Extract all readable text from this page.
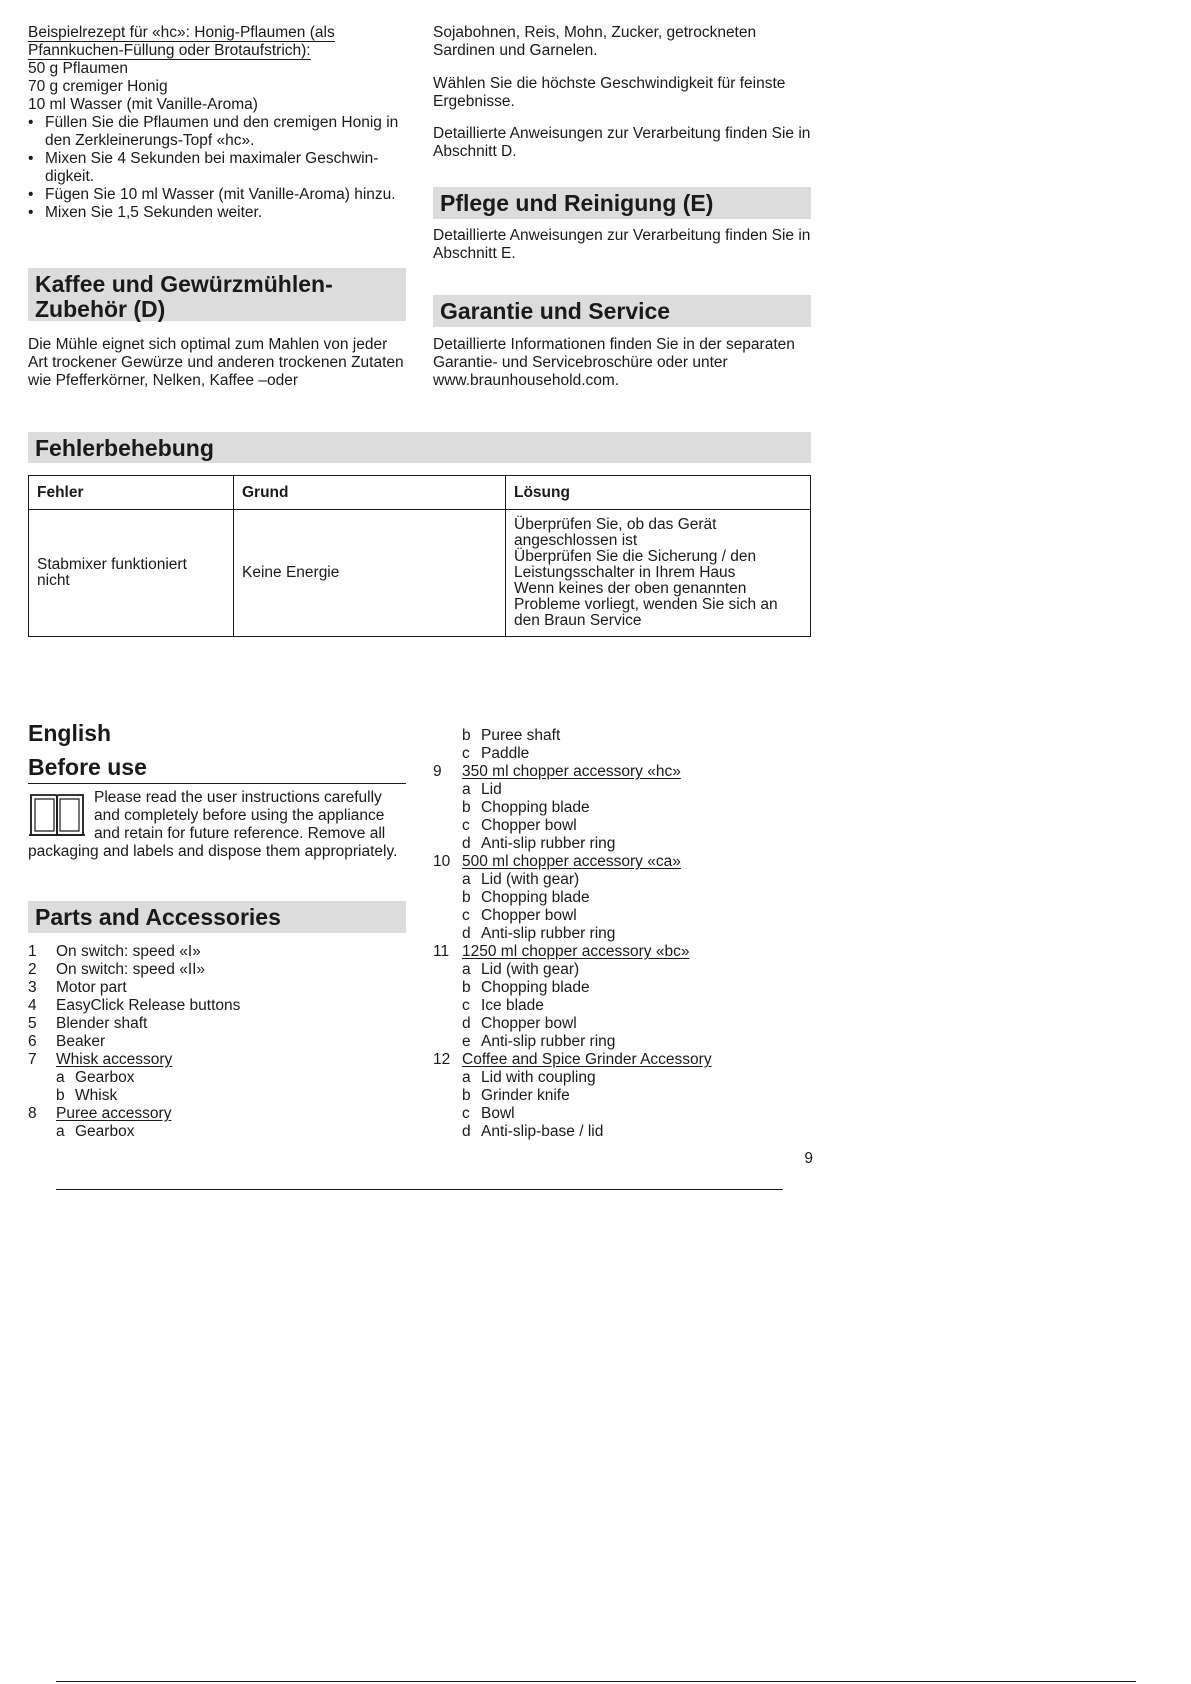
Beispielrezept für «hc»: Honig-Pflaumen (als

Pfannkuchen-Füllung oder Brotaufstrich):

50 g Pflaumen

70 g cremiger Honig

10 ml Wasser (mit Vanille-Aroma)

• Füllen Sie die Pflaumen und den cremigen Honig in den Zerkleinerungs-Topf «hc».
• Mixen Sie 4 Sekunden bei maximaler Geschwin-digkeit.
• Fügen Sie 10 ml Wasser (mit Vanille-Aroma) hinzu.
• Mixen Sie 1,5 Sekunden weiter.
Kaffee und Gewürzmühlen-
Zubehör (D)

Die Mühle eignet sich optimal zum Mahlen von jeder Art trockener Gewürze und anderen trockenen Zutaten wie Pfefferkörner, Nelken, Kaffee –oder

Sojabohnen, Reis, Mohn, Zucker, getrockneten Sardinen und Garnelen.

Wählen Sie die höchste Geschwindigkeit für feinste Ergebnisse.

Detaillierte Anweisungen zur Verarbeitung finden Sie in Abschnitt D.

Pflege und Reinigung (E)

Detaillierte Anweisungen zur Verarbeitung finden Sie in Abschnitt E.

Garantie und Service

Detaillierte Informationen finden Sie in der separaten Garantie- und Servicebroschüre oder unter www.braunhousehold.com.

Fehlerbehebung
Fehler	Grund	Lösung
Stabmixer funktioniert nicht	Keine Energie	Überprüfen Sie, ob das Gerät angeschlossen ist
Überprüfen Sie die Sicherung / den Leistungsschalter in Ihrem Haus
Wenn keines der oben genannten Probleme vorliegt, wenden Sie sich an den Braun Service
English
Before use

Please read the user instructions carefully and completely before using the appliance and retain for future reference. Remove all

packaging and labels and dispose them appropriately.

Parts and Accessories
1	On switch: speed «I»
2	On switch: speed «II»
3	Motor part
4	EasyClick Release buttons
5	Blender shaft
6	Beaker
7	Whisk accessory
a Gearbox
b Whisk
8	Puree accessory
a Gearbox
b Puree shaft
c Paddle
9	350 ml chopper accessory «hc»
a Lid
b Chopping blade
c Chopper bowl
d Anti-slip rubber ring
10 500 ml chopper accessory «ca»
a Lid (with gear)
b Chopping blade
c Chopper bowl
d Anti-slip rubber ring
11 1250 ml chopper accessory «bc»
a Lid (with gear)
b Chopping blade
c Ice blade
d Chopper bowl
e Anti-slip rubber ring
12 Coffee and Spice Grinder Accessory
a Lid with coupling
b Grinder knife
c Bowl
d Anti-slip-base / lid
9
